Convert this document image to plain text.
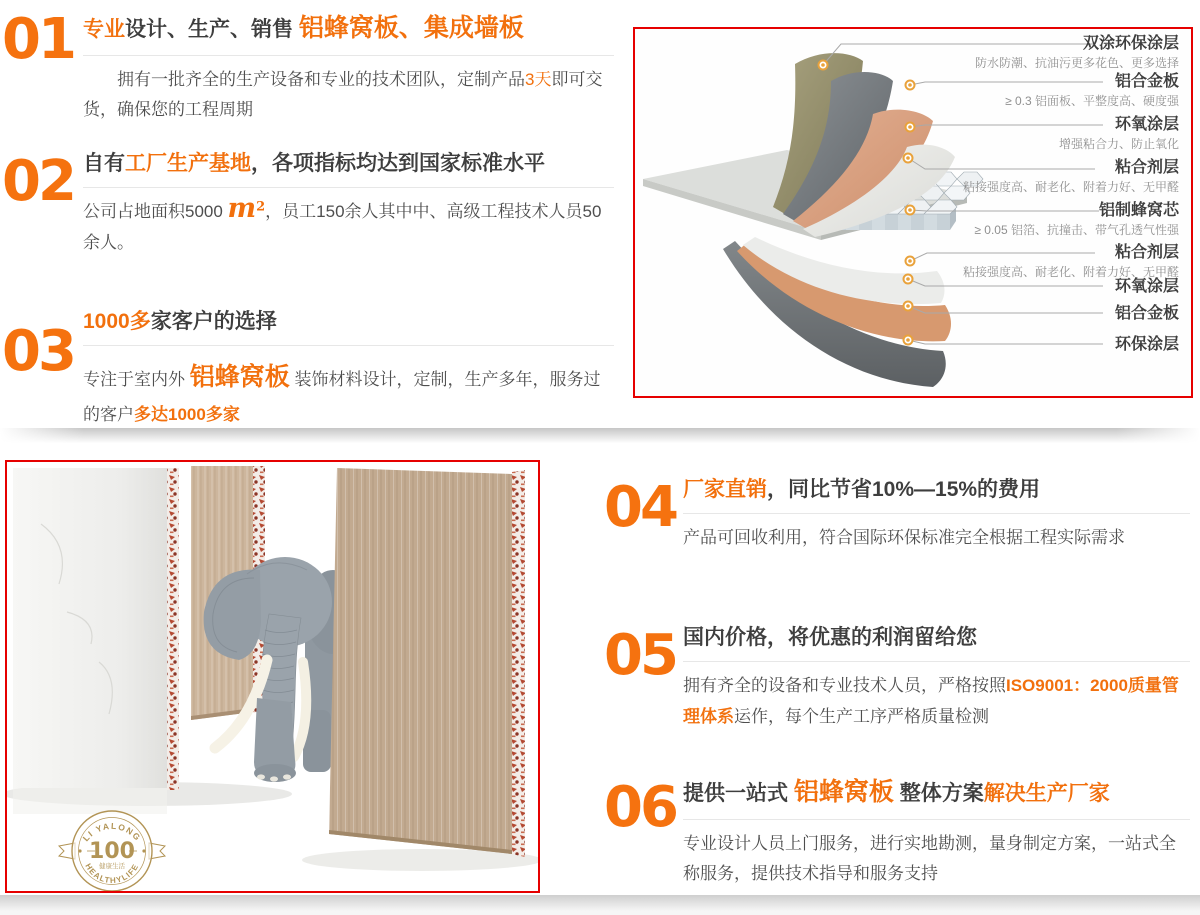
01 专业设计、生产、销售 铝蜂窝板、集成墙板

拥有一批齐全的生产设备和专业的技术团队，定制产品3天即可交货，确保您的工程周期

02 自有工厂生产基地，各项指标均达到国家标准水平

公司占地面积5000 $m^2$，员工150余人其中中、高级工程技术人员50余人。

03 1000多家客户的选择

专注于室内外 铝蜂窝板 装饰材料设计，定制，生产多年，服务过的客户多达1000多家

双涂环保涂层
防水防潮、抗油污更多花色、更多选择
铝合金板
≥ 0.3 铝面板、平整度高、硬度强
环氧涂层
增强粘合力、防止氧化
粘合剂层
粘接强度高、耐老化、附着力好、无甲醛
铝制蜂窝芯
≥ 0.05 铝箔、抗撞击、带气孔透气性强
粘合剂层
粘接强度高、耐老化、附着力好、无甲醛
环氧涂层
铝合金板
环保涂层
LI YALONG
100
健康生活
HEALTHYLIFE
04 厂家直销，同比节省10%—15%的费用

产品可回收利用，符合国际环保标准完全根据工程实际需求

05 国内价格，将优惠的利润留给您

拥有齐全的设备和专业技术人员，严格按照ISO9001：2000质量管理体系运作，每个生产工序严格质量检测

06 提供一站式 铝蜂窝板 整体方案解决生产厂家

专业设计人员上门服务，进行实地勘测，量身制定方案，一站式全称服务，提供技术指导和服务支持
